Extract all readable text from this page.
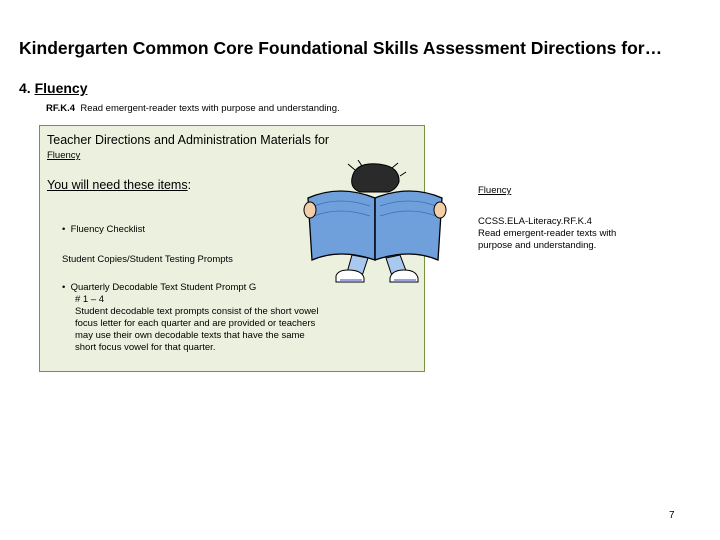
Kindergarten Common Core Foundational Skills Assessment Directions for…
4. Fluency
RF.K.4 Read emergent-reader texts with purpose and understanding.
Teacher Directions and Administration Materials for
Fluency
You will need these items:
• Fluency Checklist
Student Copies/Student Testing Prompts
• Quarterly Decodable Text Student Prompt G
# 1 – 4
Student decodable text prompts consist of the short vowel
focus letter for each quarter and are provided or teachers
may use their own decodable texts that have the same
short focus vowel for that quarter.
Fluency
CCSS.ELA-Literacy.RF.K.4
Read emergent-reader texts with
purpose and understanding.
7
